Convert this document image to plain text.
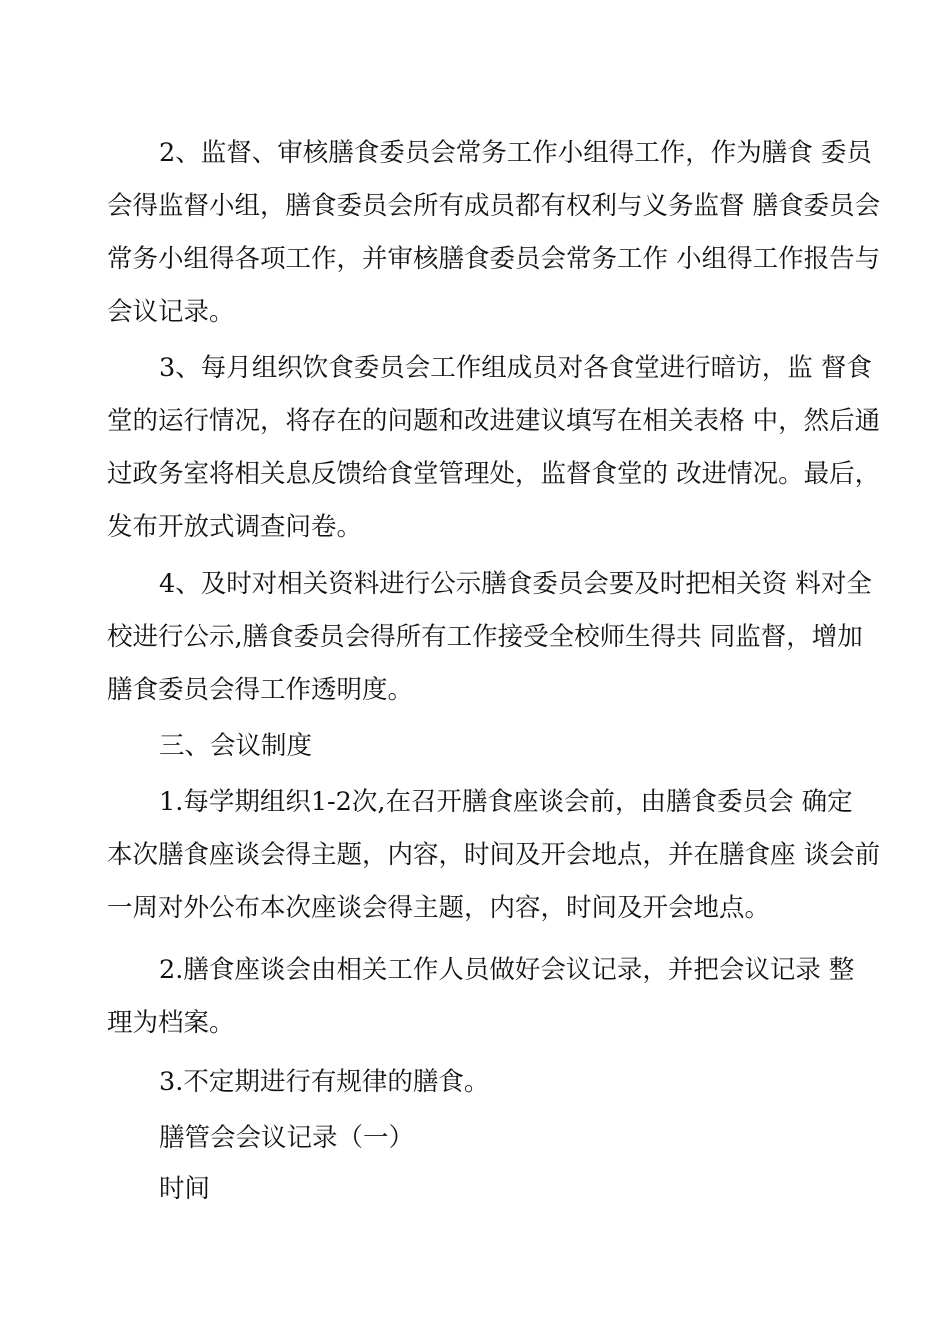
2、监督、审核膳食委员会常务工作小组得工作，作为膳食 委员
会得监督小组，膳食委员会所有成员都有权利与义务监督 膳食委员会
常务小组得各项工作，并审核膳食委员会常务工作 小组得工作报告与
会议记录。
3、每月组织饮食委员会工作组成员对各食堂进行暗访，监 督食
堂的运行情况，将存在的问题和改进建议填写在相关表格 中，然后通
过政务室将相关息反馈给食堂管理处，监督食堂的 改进情况。最后，
发布开放式调查问卷。
4、及时对相关资料进行公示膳食委员会要及时把相关资 料对全
校进行公示,膳食委员会得所有工作接受全校师生得共 同监督，增加
膳食委员会得工作透明度。
三、会议制度
1.每学期组织1-2次,在召开膳食座谈会前，由膳食委员会 确定
本次膳食座谈会得主题，内容，时间及开会地点，并在膳食座 谈会前
一周对外公布本次座谈会得主题，内容，时间及开会地点。
2.膳食座谈会由相关工作人员做好会议记录，并把会议记录 整
理为档案。
3.不定期进行有规律的膳食。
膳管会会议记录（一）
时间
